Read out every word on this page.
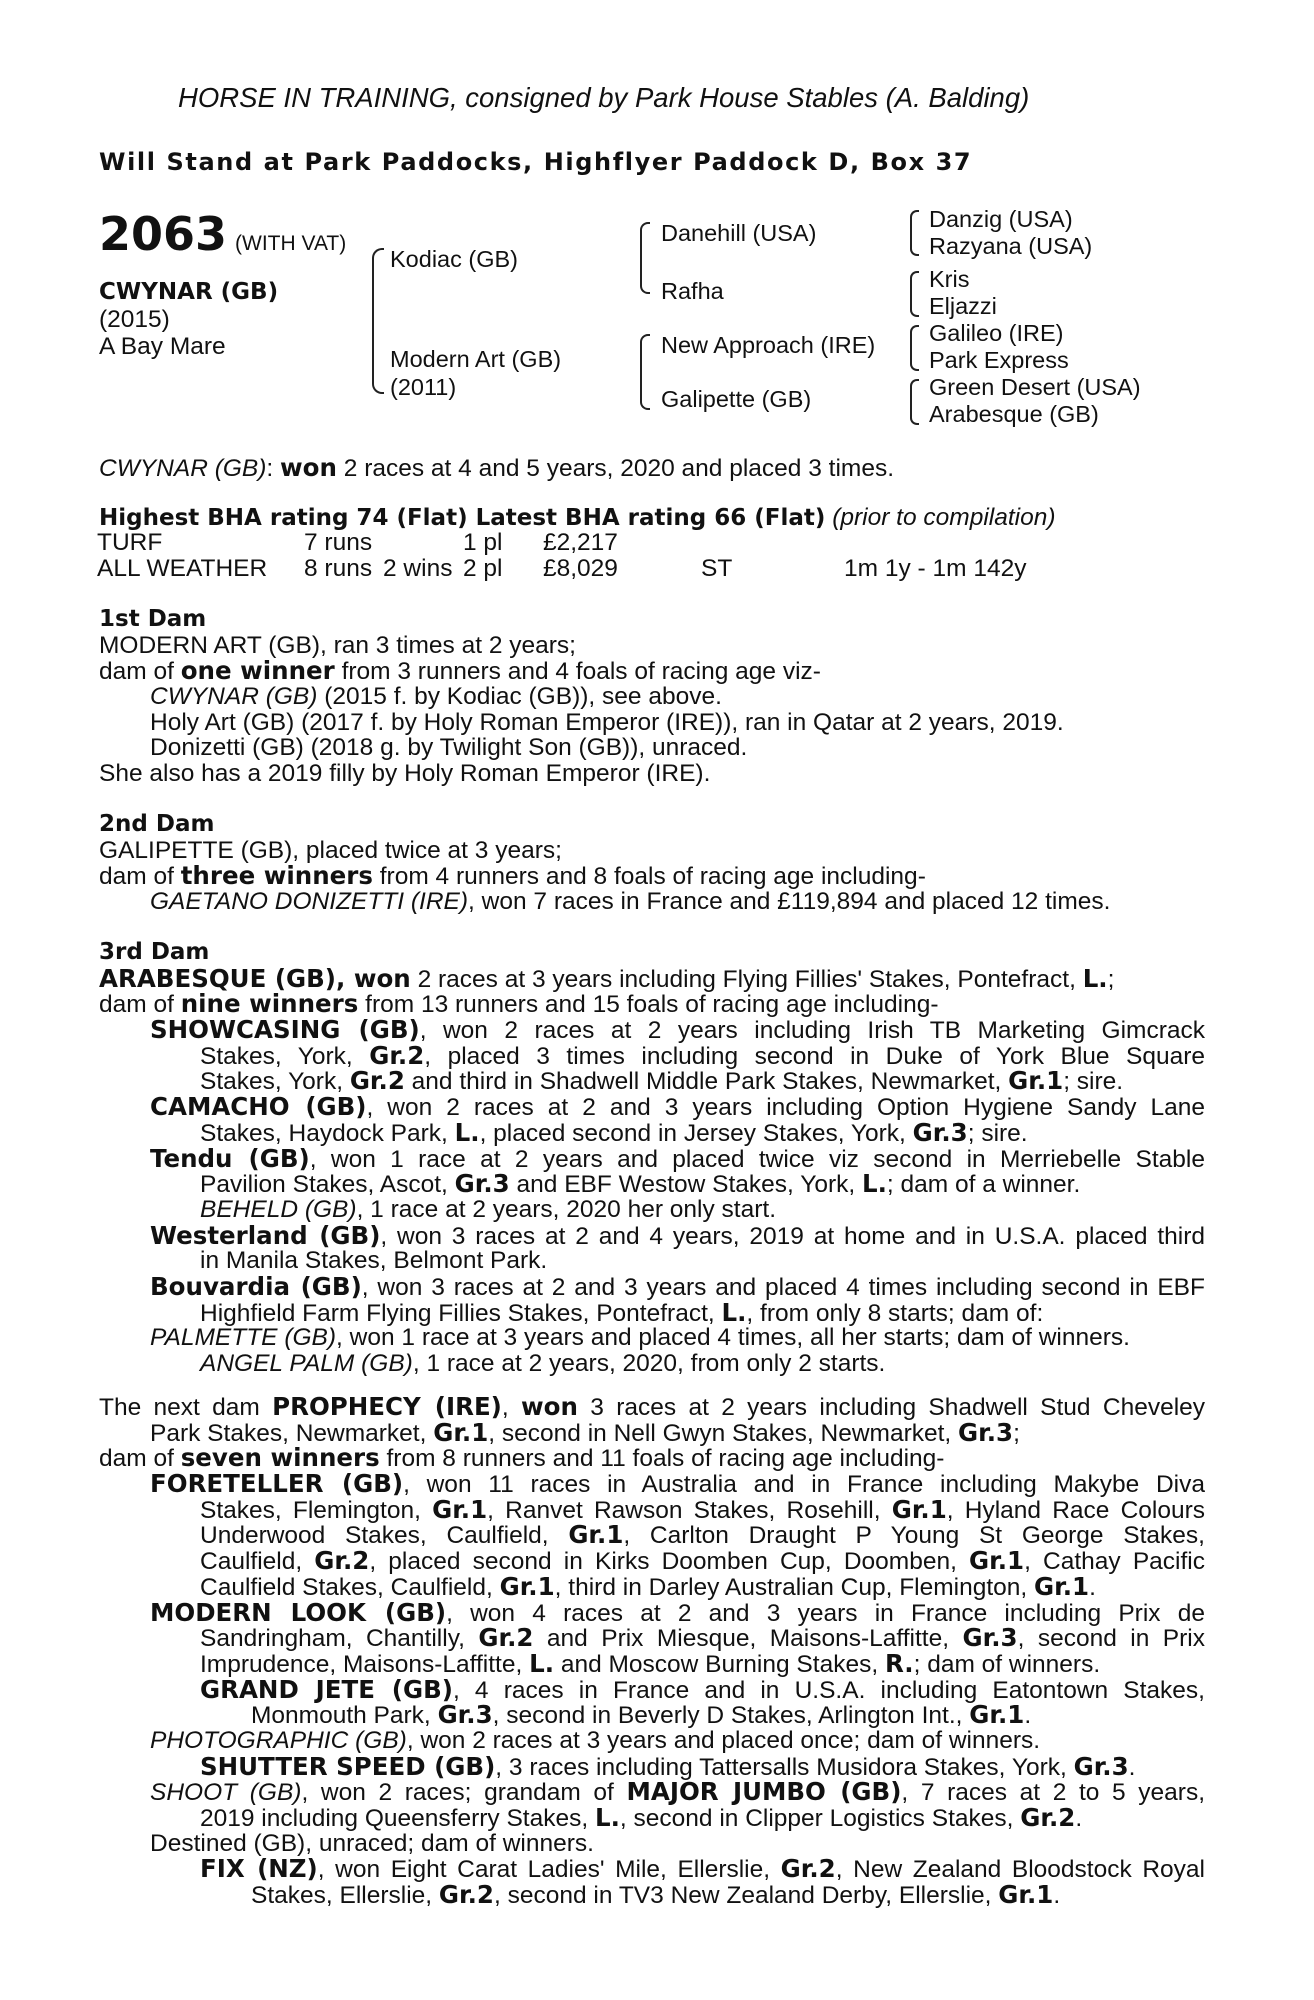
HORSE IN TRAINING, consigned by Park House Stables (A. Balding)
Will Stand at Park Paddocks, Highflyer Paddock D, Box 37
2063 (WITH VAT)
CWYNAR (GB)
(2015)
A Bay Mare
Kodiac (GB)
Modern Art (GB)
(2011)
Danehill (USA)
Rafha
New Approach (IRE)
Galipette (GB)
Danzig (USA)
Razyana (USA)
Kris
Eljazzi
Galileo (IRE)
Park Express
Green Desert (USA)
Arabesque (GB)
CWYNAR (GB): won 2 races at 4 and 5 years, 2020 and placed 3 times.
Highest BHA rating 74 (Flat) Latest BHA rating 66 (Flat) (prior to compilation)
TURF	7 runs		1 pl	£2,217		
ALL WEATHER	8 runs	2 wins	2 pl	£8,029	ST	1m 1y - 1m 142y
1st Dam
MODERN ART (GB), ran 3 times at 2 years;
dam of one winner from 3 runners and 4 foals of racing age viz-
CWYNAR (GB) (2015 f. by Kodiac (GB)), see above.
Holy Art (GB) (2017 f. by Holy Roman Emperor (IRE)), ran in Qatar at 2 years, 2019.
Donizetti (GB) (2018 g. by Twilight Son (GB)), unraced.
She also has a 2019 filly by Holy Roman Emperor (IRE).
2nd Dam
GALIPETTE (GB), placed twice at 3 years;
dam of three winners from 4 runners and 8 foals of racing age including-
GAETANO DONIZETTI (IRE), won 7 races in France and £119,894 and placed 12 times.
3rd Dam
ARABESQUE (GB), won 2 races at 3 years including Flying Fillies' Stakes, Pontefract, L.;
dam of nine winners from 13 runners and 15 foals of racing age including-
SHOWCASING (GB), won 2 races at 2 years including Irish TB Marketing Gimcrack
Stakes, York, Gr.2, placed 3 times including second in Duke of York Blue Square
Stakes, York, Gr.2 and third in Shadwell Middle Park Stakes, Newmarket, Gr.1; sire.
CAMACHO (GB), won 2 races at 2 and 3 years including Option Hygiene Sandy Lane
Stakes, Haydock Park, L., placed second in Jersey Stakes, York, Gr.3; sire.
Tendu (GB), won 1 race at 2 years and placed twice viz second in Merriebelle Stable
Pavilion Stakes, Ascot, Gr.3 and EBF Westow Stakes, York, L.; dam of a winner.
BEHELD (GB), 1 race at 2 years, 2020 her only start.
Westerland (GB), won 3 races at 2 and 4 years, 2019 at home and in U.S.A. placed third
in Manila Stakes, Belmont Park.
Bouvardia (GB), won 3 races at 2 and 3 years and placed 4 times including second in EBF
Highfield Farm Flying Fillies Stakes, Pontefract, L., from only 8 starts; dam of:
PALMETTE (GB), won 1 race at 3 years and placed 4 times, all her starts; dam of winners.
ANGEL PALM (GB), 1 race at 2 years, 2020, from only 2 starts.
The next dam PROPHECY (IRE), won 3 races at 2 years including Shadwell Stud Cheveley
Park Stakes, Newmarket, Gr.1, second in Nell Gwyn Stakes, Newmarket, Gr.3;
dam of seven winners from 8 runners and 11 foals of racing age including-
FORETELLER (GB), won 11 races in Australia and in France including Makybe Diva
Stakes, Flemington, Gr.1, Ranvet Rawson Stakes, Rosehill, Gr.1, Hyland Race Colours
Underwood Stakes, Caulfield, Gr.1, Carlton Draught P Young St George Stakes,
Caulfield, Gr.2, placed second in Kirks Doomben Cup, Doomben, Gr.1, Cathay Pacific
Caulfield Stakes, Caulfield, Gr.1, third in Darley Australian Cup, Flemington, Gr.1.
MODERN LOOK (GB), won 4 races at 2 and 3 years in France including Prix de
Sandringham, Chantilly, Gr.2 and Prix Miesque, Maisons-Laffitte, Gr.3, second in Prix
Imprudence, Maisons-Laffitte, L. and Moscow Burning Stakes, R.; dam of winners.
GRAND JETE (GB), 4 races in France and in U.S.A. including Eatontown Stakes,
Monmouth Park, Gr.3, second in Beverly D Stakes, Arlington Int., Gr.1.
PHOTOGRAPHIC (GB), won 2 races at 3 years and placed once; dam of winners.
SHUTTER SPEED (GB), 3 races including Tattersalls Musidora Stakes, York, Gr.3.
SHOOT (GB), won 2 races; grandam of MAJOR JUMBO (GB), 7 races at 2 to 5 years,
2019 including Queensferry Stakes, L., second in Clipper Logistics Stakes, Gr.2.
Destined (GB), unraced; dam of winners.
FIX (NZ), won Eight Carat Ladies' Mile, Ellerslie, Gr.2, New Zealand Bloodstock Royal
Stakes, Ellerslie, Gr.2, second in TV3 New Zealand Derby, Ellerslie, Gr.1.
